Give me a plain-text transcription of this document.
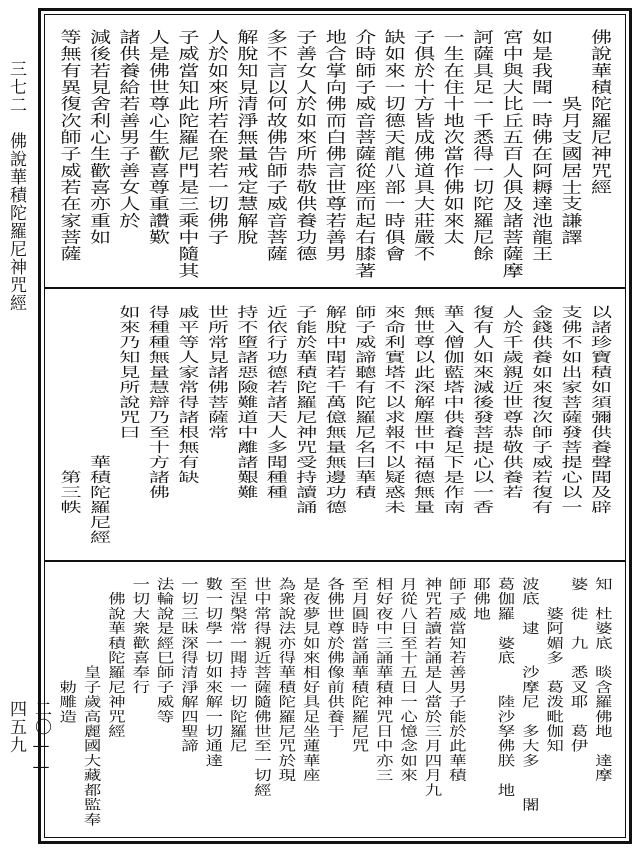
三七二　佛說華積陀羅尼神咒經
二〇——四五九
佛說華積陀羅尼神咒經
　　　　吳月支國居士支謙譯
如是我聞一時佛在阿耨達池龍王
宮中與大比丘五百人俱及諸菩薩摩
訶薩具足一千悉得一切陀羅尼餘
一生在住十地次當作佛如來太
子俱於十方皆成佛道具大莊嚴不
缺如來一切德天龍八部一時俱會
介時師子威音菩薩從座而起右膝著
地合掌向佛而白佛言世尊若善男
子善女人於如來所恭敬供養功德
多不言以何故佛告師子威音菩薩
解脫知見清淨無量戒定慧解脫
人於如來所若在衆若一切佛子
子威當知此陀羅尼門是三乘中隨其
人是佛世尊心生歡喜尊重讚歎
諸供養給若善男子善女人於
減後若見舍利心生歡喜亦重如
等無有異復次師子威若在家菩薩
以諸珍寶積如須彌供養聲聞及辟
支佛不如出家菩薩發菩提心以一
金錢供養如來復次師子威若復有
人於千歲親近世尊恭敬供養若
復有人如來滅後發菩提心以一香
華入僧伽藍塔中供養足下是作南
無世尊以此深解塵世中福德無量
來命利實塔不以求報不以疑惑未
師子威諦聽有陀羅尼名曰華積
解脫中聞若千萬億無量無邊功德
子能於華積陀羅尼神咒受持讀誦
近依行功德若諸天人多聞種種
持不墮諸惡險難道中離諸艱難
世所常見諸佛菩薩常
戚平等人家常得諸根無有缺
得種種無量慧辯乃至十方諸佛
如來乃知見所說咒曰
　　　　　　　　　　華積陀羅尼經
　　　　　　　　　　　第三帙
知　杜婆底　晱含羅佛地　達摩
婆　徙　九　悉叉耶　葛伊　　
　　婆阿媚多　葛泼毗伽知
波底　逮　　沙摩尼　多大多　　闍
葛伽羅　婆底　　陸沙孥佛朕　地
耶佛地
師子威當知若善男子能於此華積
神咒若讀若誦是人當於三月四月九
月從八日至十五日一心憶念如來
相好夜中三誦華積神咒日中亦三
至月圓時當誦華積陀羅尼咒
各佛世尊於佛像前供養于
是夜夢見如來相好具足坐蓮華座
為衆說法亦得華積陀羅尼咒於現
世中常得親近菩薩隨佛世至一切經
至涅槃常一聞持一切陀羅尼
數一切學一切如來解一切通達
一切三昧深得清淨解四聖諦
法輪說是經巳師子威等
一切大衆歡喜奉行
　佛說華積陀羅尼神咒經
　　　　　　皇子歲高麗國大藏都監奉
　　　　　　　勅雕造
